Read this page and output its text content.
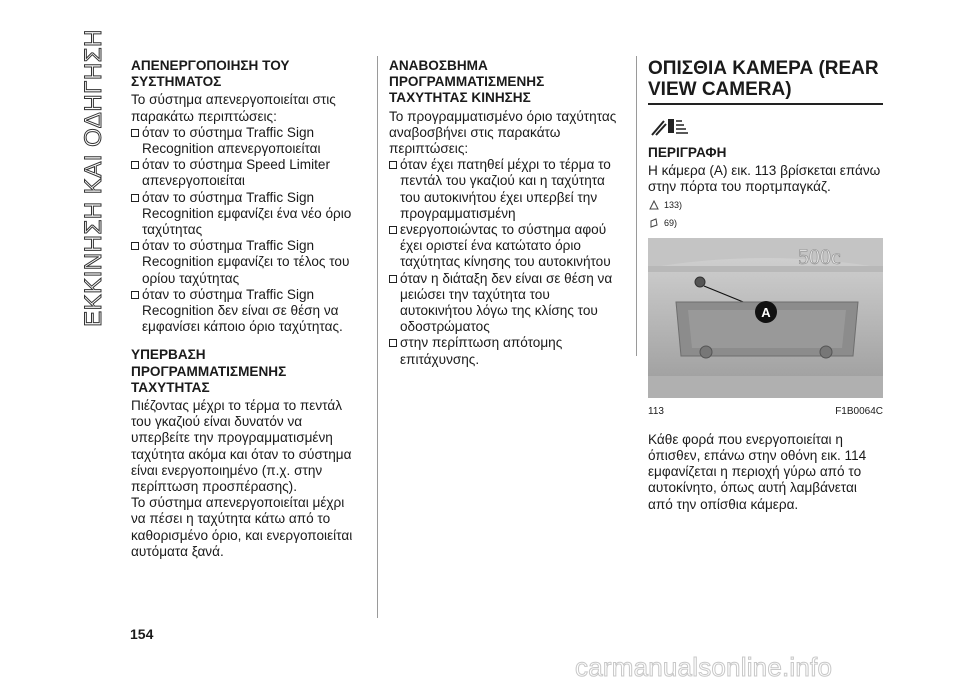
ΕΚΚΙΝΗΣΗ ΚΑΙ ΟΔΗΓΗΣΗ ΑΠΕΝΕΡΓΟΠΟΙΗΣΗ ΤΟΥ ΣΥΣΤΗΜΑΤΟΣ
Το σύστημα απενεργοποιείται στις παρακάτω περιπτώσεις:
όταν το σύστημα Traffic Sign Recognition απενεργοποιείται
όταν το σύστημα Speed Limiter απενεργοποιείται
όταν το σύστημα Traffic Sign Recognition εμφανίζει ένα νέο όριο ταχύτητας
όταν το σύστημα Traffic Sign Recognition εμφανίζει το τέλος του ορίου ταχύτητας
όταν το σύστημα Traffic Sign Recognition δεν είναι σε θέση να εμφανίσει κάποιο όριο ταχύτητας.
ΥΠΕΡΒΑΣΗ ΠΡΟΓΡΑΜΜΑΤΙΣΜΕΝΗΣ ΤΑΧΥΤΗΤΑΣ
Πιέζοντας μέχρι το τέρμα το πεντάλ του γκαζιού είναι δυνατόν να υπερβείτε την προγραμματισμένη ταχύτητα ακόμα και όταν το σύστημα είναι ενεργοποιημένο (π.χ. στην περίπτωση προσπέρασης).
Το σύστημα απενεργοποιείται μέχρι να πέσει η ταχύτητα κάτω από το καθορισμένο όριο, και ενεργοποιείται αυτόματα ξανά.
ΑΝΑΒΟΣΒΗΜΑ ΠΡΟΓΡΑΜΜΑΤΙΣΜΕΝΗΣ ΤΑΧΥΤΗΤΑΣ ΚΙΝΗΣΗΣ
Το προγραμματισμένο όριο ταχύτητας αναβοσβήνει στις παρακάτω περιπτώσεις:
όταν έχει πατηθεί μέχρι το τέρμα το πεντάλ του γκαζιού και η ταχύτητα του αυτοκινήτου έχει υπερβεί την προγραμματισμένη
ενεργοποιώντας το σύστημα αφού έχει οριστεί ένα κατώτατο όριο ταχύτητας κίνησης του αυτοκινήτου
όταν η διάταξη δεν είναι σε θέση να μειώσει την ταχύτητα του αυτοκινήτου λόγω της κλίσης του οδοστρώματος
στην περίπτωση απότομης επιτάχυνσης.
ΟΠΙΣΘΙΑ ΚΑΜΕΡΑ (REAR VIEW CAMERA)
ΠΕΡΙΓΡΑΦΗ
Η κάμερα (A) εικ. 113 βρίσκεται επάνω στην πόρτα του πορτμπαγκάζ.
133)
69)
500c
A
113	F1B0064C
Κάθε φορά που ενεργοποιείται η όπισθεν, επάνω στην οθόνη εικ. 114 εμφανίζεται η περιοχή γύρω από το αυτοκίνητο, όπως αυτή λαμβάνεται από την οπίσθια κάμερα.
154
carmanualsonline.info
